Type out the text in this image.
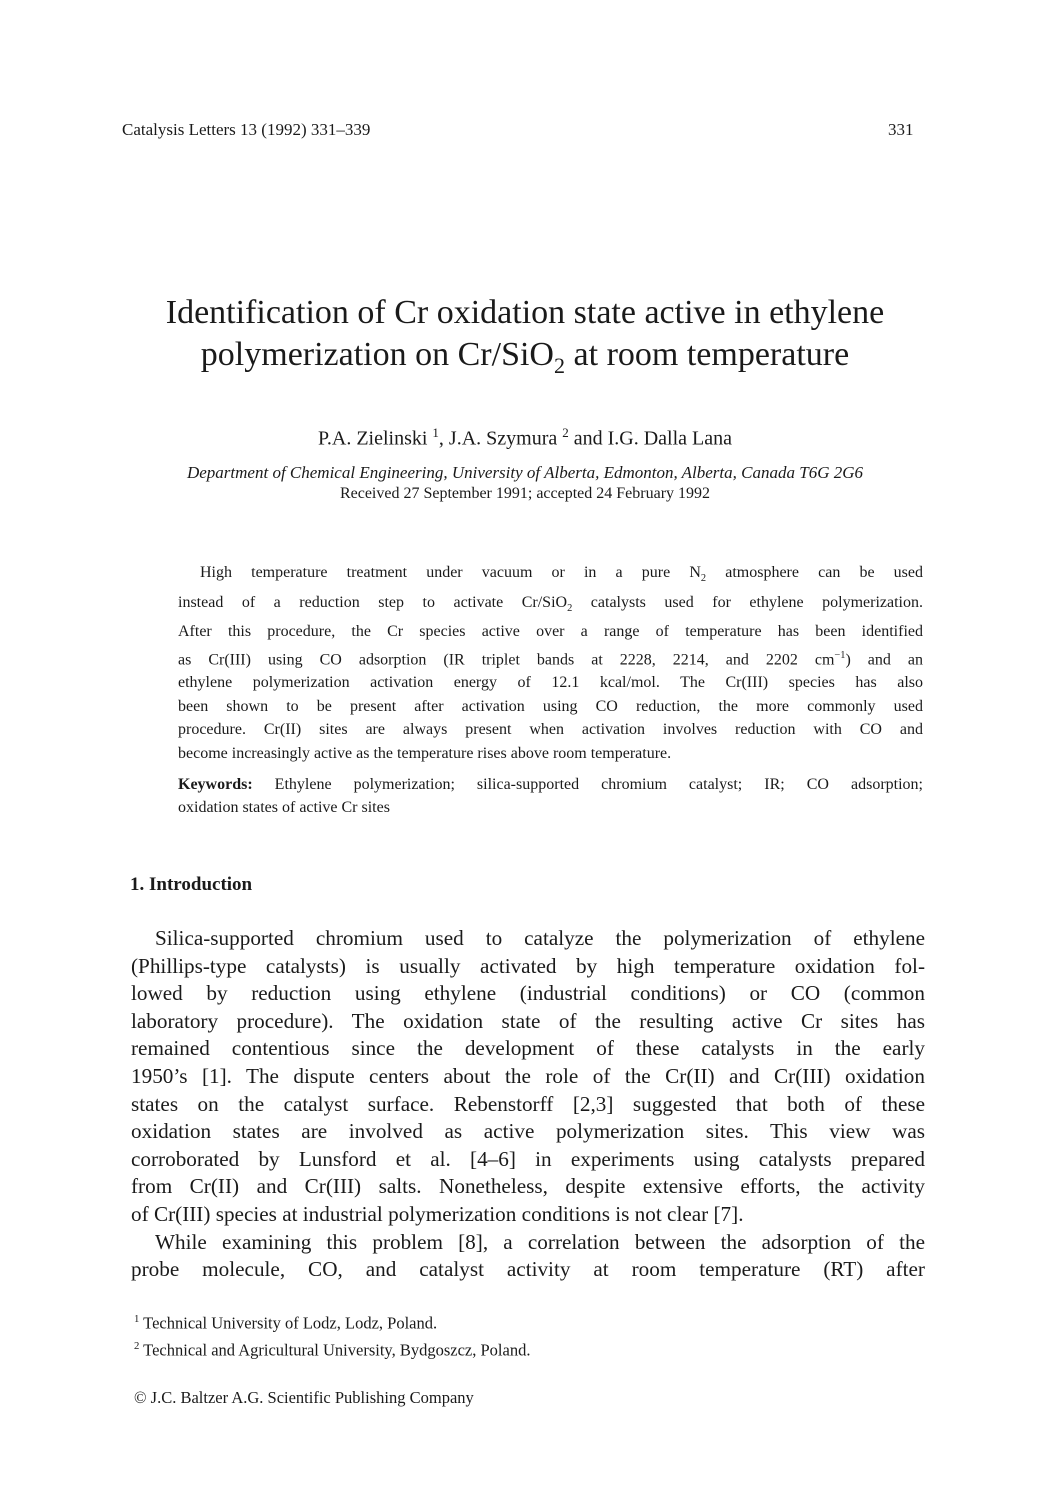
Catalysis Letters 13 (1992) 331–339	331
Identification of Cr oxidation state active in ethylene
polymerization on Cr/SiO$_2$ at room temperature
P.A. Zielinski $^1$, J.A. Szymura $^2$ and I.G. Dalla Lana
Department of Chemical Engineering, University of Alberta, Edmonton, Alberta, Canada T6G 2G6
Received 27 September 1991; accepted 24 February 1992
High temperature treatment under vacuum or in a pure $N_2$ atmosphere can be used
instead of a reduction step to activate Cr/SiO$_2$ catalysts used for ethylene polymerization.
After this procedure, the Cr species active over a range of temperature has been identified
as Cr(III) using CO adsorption (IR triplet bands at 2228, 2214, and 2202 $cm^{-1}$) and an
ethylene polymerization activation energy of 12.1 kcal/mol. The Cr(III) species has also
been shown to be present after activation using CO reduction, the more commonly used
procedure. Cr(II) sites are always present when activation involves reduction with CO and
become increasingly active as the temperature rises above room temperature.
Keywords: Ethylene polymerization; silica-supported chromium catalyst; IR; CO adsorption;
oxidation states of active Cr sites
1. Introduction
Silica-supported chromium used to catalyze the polymerization of ethylene
(Phillips-type catalysts) is usually activated by high temperature oxidation fol-
lowed by reduction using ethylene (industrial conditions) or CO (common
laboratory procedure). The oxidation state of the resulting active Cr sites has
remained contentious since the development of these catalysts in the early
1950’s [1]. The dispute centers about the role of the Cr(II) and Cr(III) oxidation
states on the catalyst surface. Rebenstorff [2,3] suggested that both of these
oxidation states are involved as active polymerization sites. This view was
corroborated by Lunsford et al. [4–6] in experiments using catalysts prepared
from Cr(II) and Cr(III) salts. Nonetheless, despite extensive efforts, the activity
of Cr(III) species at industrial polymerization conditions is not clear [7].
While examining this problem [8], a correlation between the adsorption of the
probe molecule, CO, and catalyst activity at room temperature (RT) after
$^1$ Technical University of Lodz, Lodz, Poland.
$^2$ Technical and Agricultural University, Bydgoszcz, Poland.
© J.C. Baltzer A.G. Scientific Publishing Company
